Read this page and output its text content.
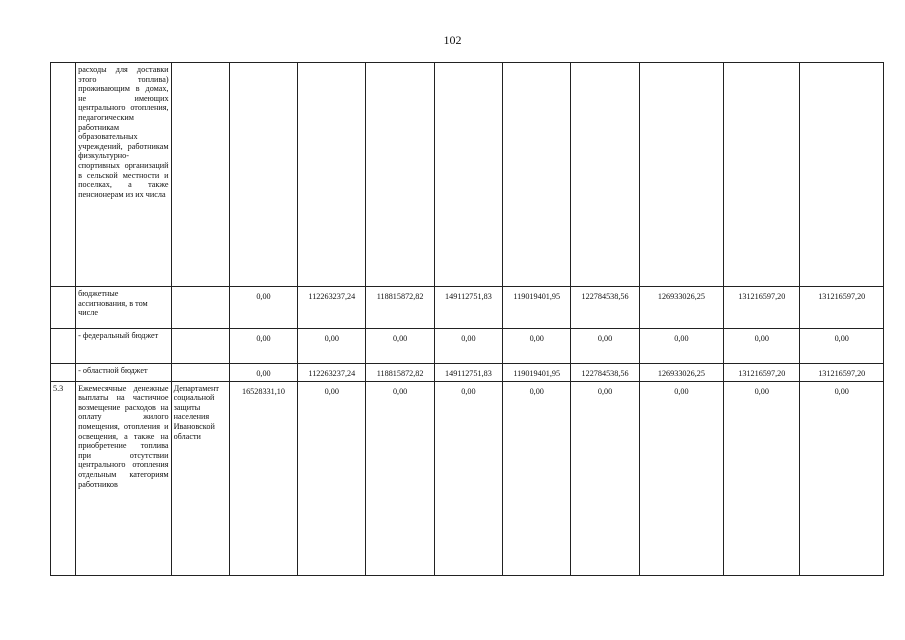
102
	расходы для доставки этого топлива) проживающим в домах, не имеющих центрального отопления, педагогическим работникам образовательных учреждений, работникам физкультурно-спортивных организаций в сельской местности и поселках, а также пенсионерам из их числа										
	бюджетные ассигнования, в том числе		0,00	112263237,24	118815872,82	149112751,83	119019401,95	122784538,56	126933026,25	131216597,20	131216597,20
	- федеральный бюджет		0,00	0,00	0,00	0,00	0,00	0,00	0,00	0,00	0,00
	- областной бюджет		0,00	112263237,24	118815872,82	149112751,83	119019401,95	122784538,56	126933026,25	131216597,20	131216597,20
5.3	Ежемесячные денежные выплаты на частичное возмещение расходов на оплату жилого помещения, отопления и освещения, а также на приобретение топлива при отсутствии центрального отопления отдельным категориям работников	Департамент социальной защиты населения Ивановской области	16528331,10	0,00	0,00	0,00	0,00	0,00	0,00	0,00	0,00
